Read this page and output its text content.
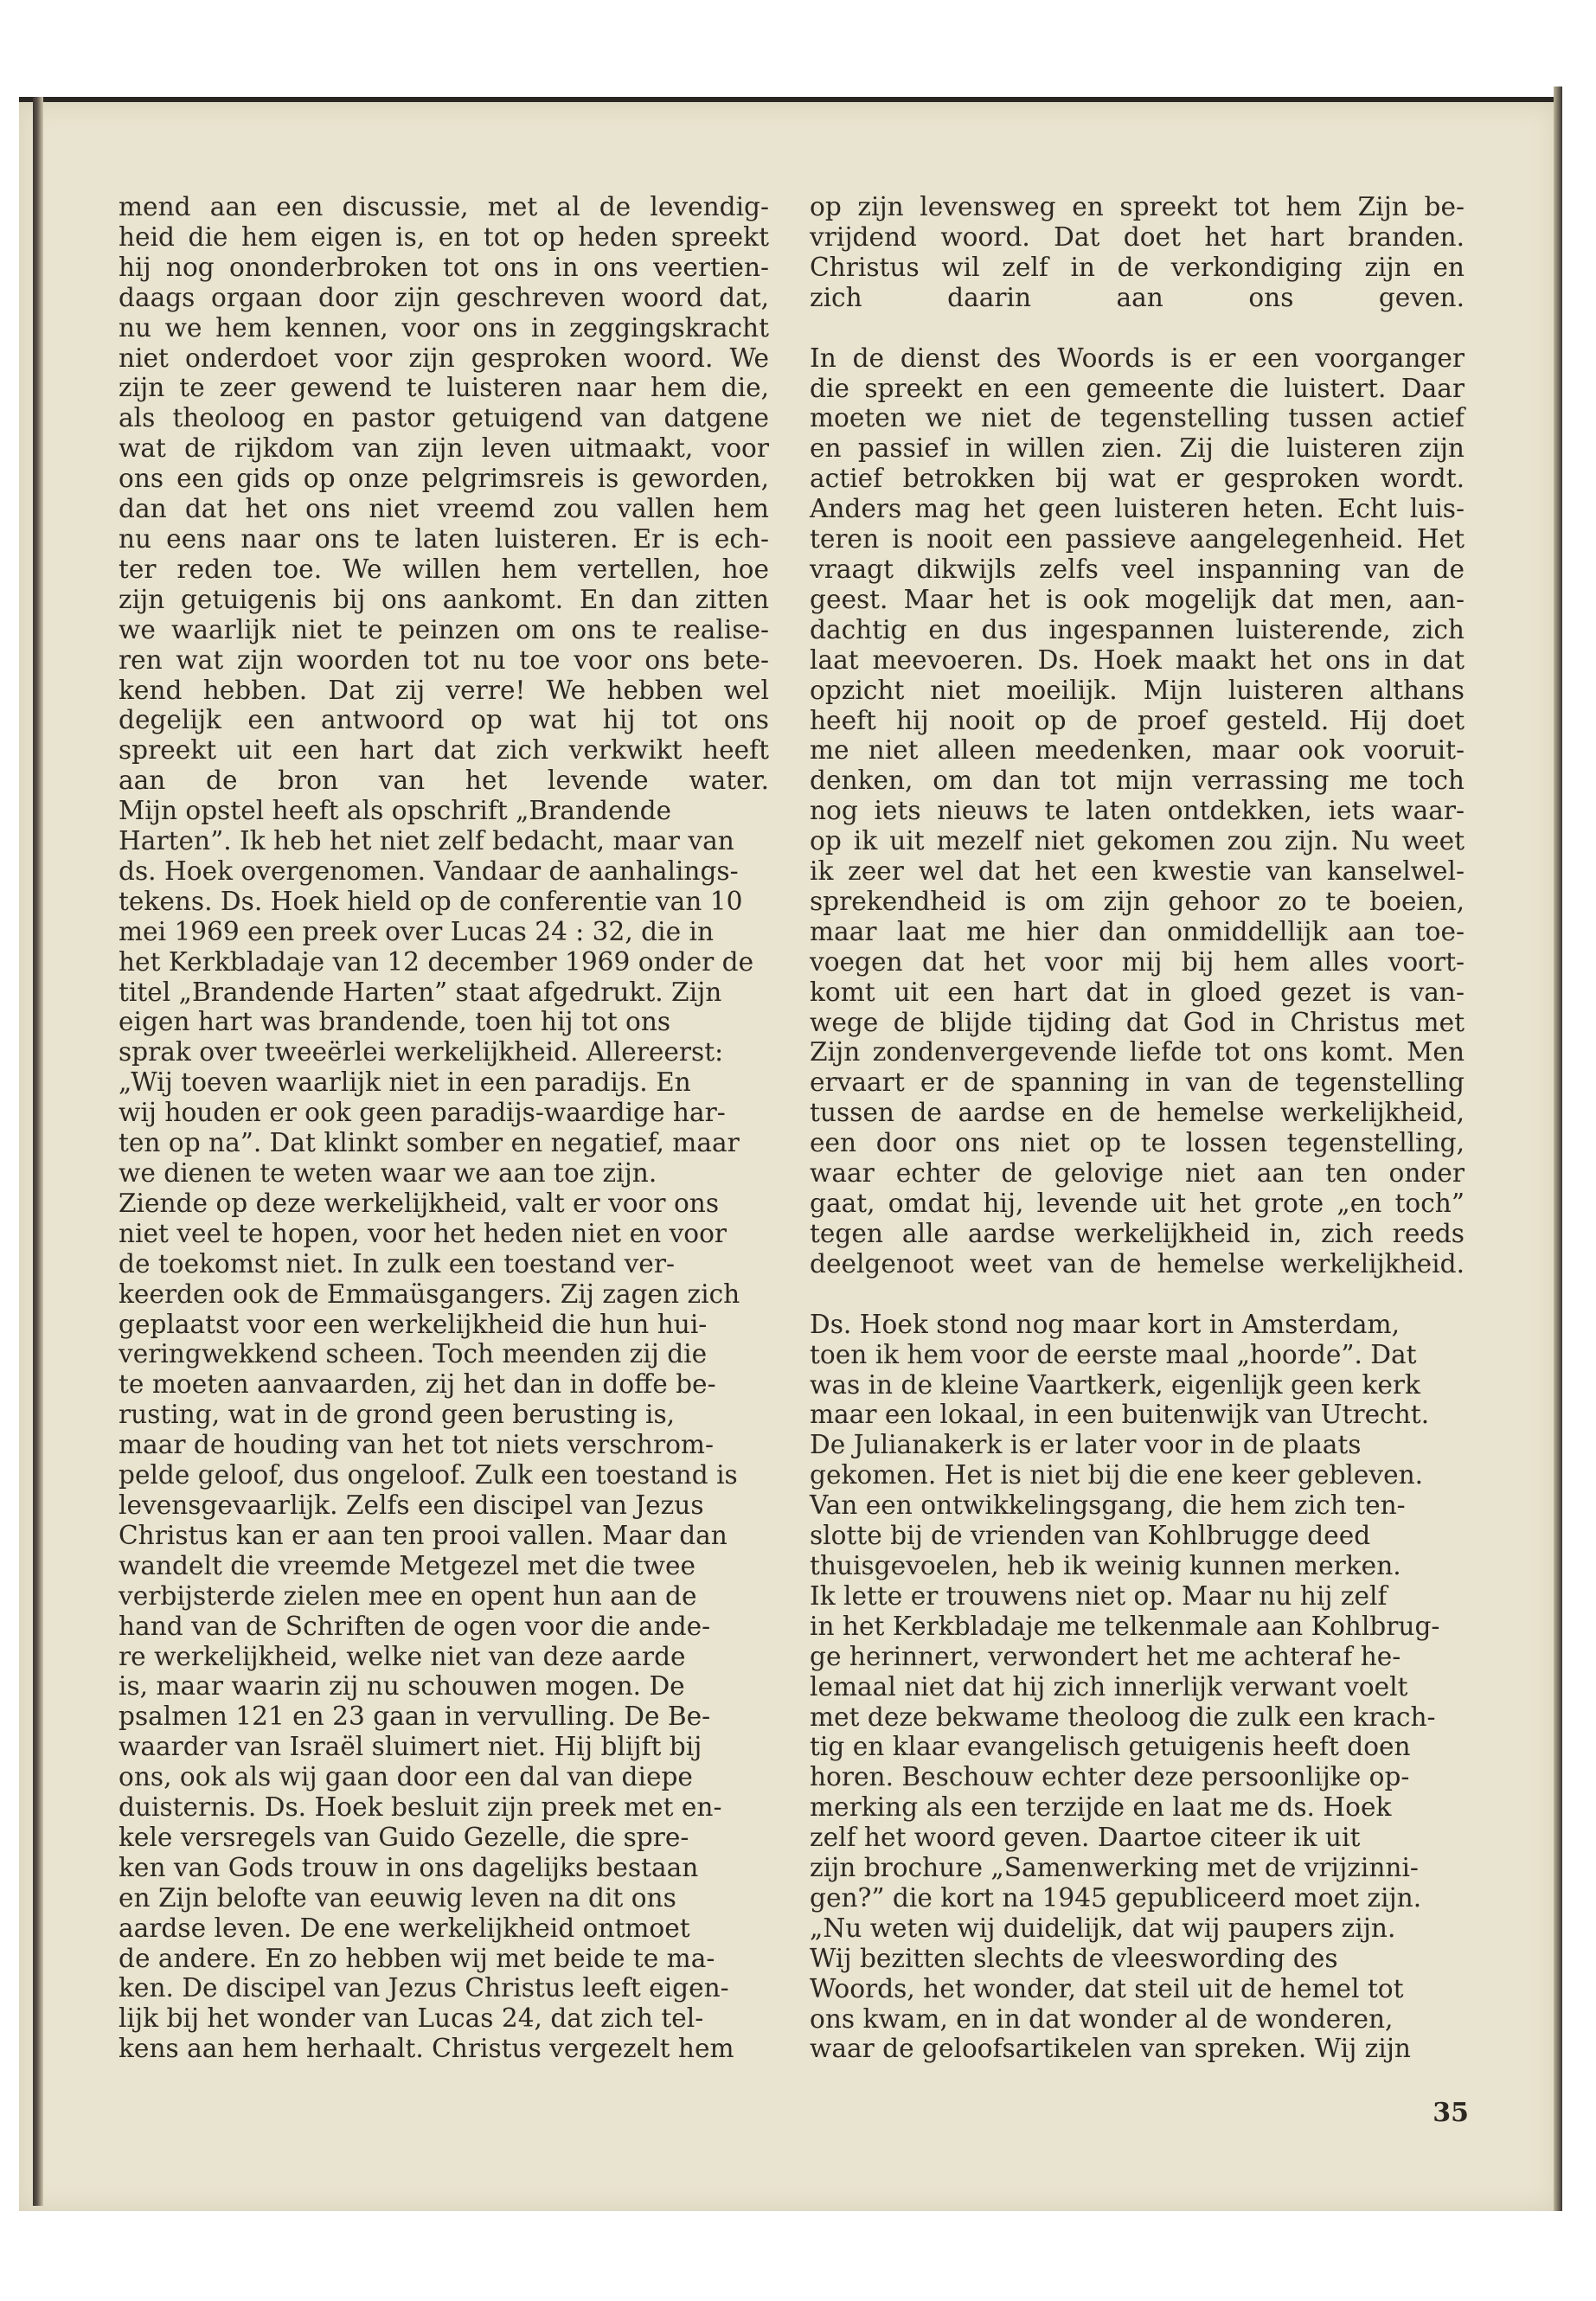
mend aan een discussie, met al de levendig-
heid die hem eigen is, en tot op heden spreekt
hij nog ononderbroken tot ons in ons veertien-
daags orgaan door zijn geschreven woord dat,
nu we hem kennen, voor ons in zeggingskracht
niet onderdoet voor zijn gesproken woord. We
zijn te zeer gewend te luisteren naar hem die,
als theoloog en pastor getuigend van datgene
wat de rijkdom van zijn leven uitmaakt, voor
ons een gids op onze pelgrimsreis is geworden,
dan dat het ons niet vreemd zou vallen hem
nu eens naar ons te laten luisteren. Er is ech-
ter reden toe. We willen hem vertellen, hoe
zijn getuigenis bij ons aankomt. En dan zitten
we waarlijk niet te peinzen om ons te realise-
ren wat zijn woorden tot nu toe voor ons bete-
kend hebben. Dat zij verre! We hebben wel
degelijk een antwoord op wat hij tot ons
spreekt uit een hart dat zich verkwikt heeft
aan de bron van het levende water.

Mijn opstel heeft als opschrift „Brandende
Harten”. Ik heb het niet zelf bedacht, maar van
ds. Hoek overgenomen. Vandaar de aanhalings-
tekens. Ds. Hoek hield op de conferentie van 10
mei 1969 een preek over Lucas 24 : 32, die in
het Kerkbladaje van 12 december 1969 onder de
titel „Brandende Harten” staat afgedrukt. Zijn
eigen hart was brandende, toen hij tot ons
sprak over tweeërlei werkelijkheid. Allereerst:
„Wij toeven waarlijk niet in een paradijs. En
wij houden er ook geen paradijs-waardige har-
ten op na”. Dat klinkt somber en negatief, maar
we dienen te weten waar we aan toe zijn.
Ziende op deze werkelijkheid, valt er voor ons
niet veel te hopen, voor het heden niet en voor
de toekomst niet. In zulk een toestand ver-
keerden ook de Emmaüsgangers. Zij zagen zich
geplaatst voor een werkelijkheid die hun hui-
veringwekkend scheen. Toch meenden zij die
te moeten aanvaarden, zij het dan in doffe be-
rusting, wat in de grond geen berusting is,
maar de houding van het tot niets verschrom-
pelde geloof, dus ongeloof. Zulk een toestand is
levensgevaarlijk. Zelfs een discipel van Jezus
Christus kan er aan ten prooi vallen. Maar dan
wandelt die vreemde Metgezel met die twee
verbijsterde zielen mee en opent hun aan de
hand van de Schriften de ogen voor die ande-
re werkelijkheid, welke niet van deze aarde
is, maar waarin zij nu schouwen mogen. De
psalmen 121 en 23 gaan in vervulling. De Be-
waarder van Israël sluimert niet. Hij blijft bij
ons, ook als wij gaan door een dal van diepe
duisternis. Ds. Hoek besluit zijn preek met en-
kele versregels van Guido Gezelle, die spre-
ken van Gods trouw in ons dagelijks bestaan
en Zijn belofte van eeuwig leven na dit ons
aardse leven. De ene werkelijkheid ontmoet
de andere. En zo hebben wij met beide te ma-
ken. De discipel van Jezus Christus leeft eigen-
lijk bij het wonder van Lucas 24, dat zich tel-
kens aan hem herhaalt. Christus vergezelt hem

op zijn levensweg en spreekt tot hem Zijn be-
vrijdend woord. Dat doet het hart branden.
Christus wil zelf in de verkondiging zijn en
zich daarin aan ons geven.

In de dienst des Woords is er een voorganger
die spreekt en een gemeente die luistert. Daar
moeten we niet de tegenstelling tussen actief
en passief in willen zien. Zij die luisteren zijn
actief betrokken bij wat er gesproken wordt.
Anders mag het geen luisteren heten. Echt luis-
teren is nooit een passieve aangelegenheid. Het
vraagt dikwijls zelfs veel inspanning van de
geest. Maar het is ook mogelijk dat men, aan-
dachtig en dus ingespannen luisterende, zich
laat meevoeren. Ds. Hoek maakt het ons in dat
opzicht niet moeilijk. Mijn luisteren althans
heeft hij nooit op de proef gesteld. Hij doet
me niet alleen meedenken, maar ook vooruit-
denken, om dan tot mijn verrassing me toch
nog iets nieuws te laten ontdekken, iets waar-
op ik uit mezelf niet gekomen zou zijn. Nu weet
ik zeer wel dat het een kwestie van kanselwel-
sprekendheid is om zijn gehoor zo te boeien,
maar laat me hier dan onmiddellijk aan toe-
voegen dat het voor mij bij hem alles voort-
komt uit een hart dat in gloed gezet is van-
wege de blijde tijding dat God in Christus met
Zijn zondenvergevende liefde tot ons komt. Men
ervaart er de spanning in van de tegenstelling
tussen de aardse en de hemelse werkelijkheid,
een door ons niet op te lossen tegenstelling,
waar echter de gelovige niet aan ten onder
gaat, omdat hij, levende uit het grote „en toch”
tegen alle aardse werkelijkheid in, zich reeds
deelgenoot weet van de hemelse werkelijkheid.

Ds. Hoek stond nog maar kort in Amsterdam,
toen ik hem voor de eerste maal „hoorde”. Dat
was in de kleine Vaartkerk, eigenlijk geen kerk
maar een lokaal, in een buitenwijk van Utrecht.
De Julianakerk is er later voor in de plaats
gekomen. Het is niet bij die ene keer gebleven.
Van een ontwikkelingsgang, die hem zich ten-
slotte bij de vrienden van Kohlbrugge deed
thuisgevoelen, heb ik weinig kunnen merken.
Ik lette er trouwens niet op. Maar nu hij zelf
in het Kerkbladaje me telkenmale aan Kohlbrug-
ge herinnert, verwondert het me achteraf he-
lemaal niet dat hij zich innerlijk verwant voelt
met deze bekwame theoloog die zulk een krach-
tig en klaar evangelisch getuigenis heeft doen
horen. Beschouw echter deze persoonlijke op-
merking als een terzijde en laat me ds. Hoek
zelf het woord geven. Daartoe citeer ik uit
zijn brochure „Samenwerking met de vrijzinni-
gen?” die kort na 1945 gepubliceerd moet zijn.
„Nu weten wij duidelijk, dat wij paupers zijn.
Wij bezitten slechts de vleeswording des
Woords, het wonder, dat steil uit de hemel tot
ons kwam, en in dat wonder al de wonderen,
waar de geloofsartikelen van spreken. Wij zijn

35
